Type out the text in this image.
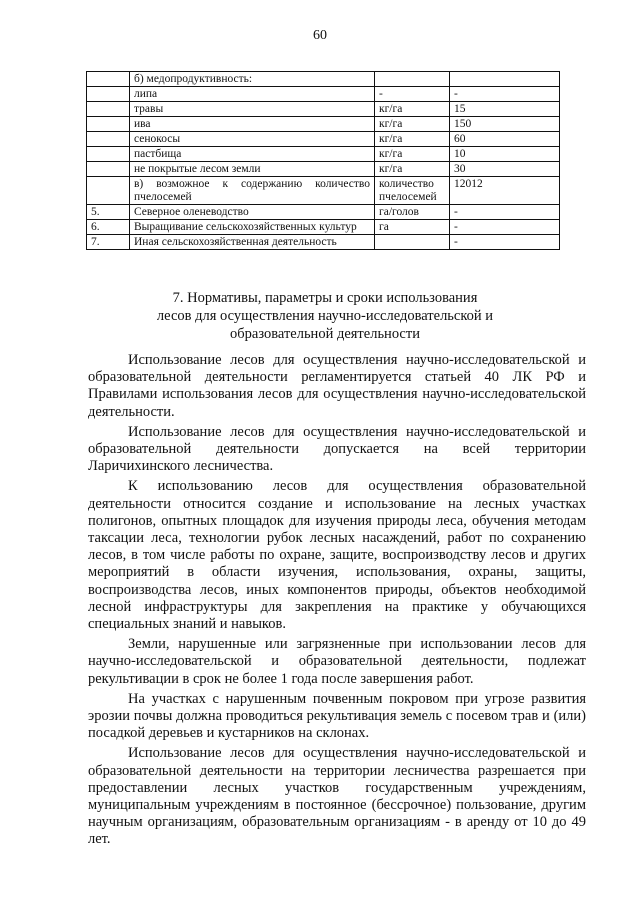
60
	б) медопродуктивность:		
	липа	-	-
	травы	кг/га	15
	ива	кг/га	150
	сенокосы	кг/га	60
	пастбища	кг/га	10
	не покрытые лесом земли	кг/га	30
	в) возможное к содержанию количество пчелосемей	количество пчелосемей	12012
5.	Северное оленеводство	га/голов	-
6.	Выращивание сельскохозяйственных культур	га	-
7.	Иная сельскохозяйственная деятельность		-
7. Нормативы, параметры и сроки использования
лесов для осуществления научно-исследовательской и
образовательной деятельности

Использование лесов для осуществления научно-исследовательской и образовательной деятельности регламентируется статьей 40 ЛК РФ и Правилами использования лесов для осуществления научно-исследовательской деятельности.

Использование лесов для осуществления научно-исследовательской и образовательной деятельности допускается на всей территории Ларичихинского лесничества.

К использованию лесов для осуществления образовательной деятельности относится создание и использование на лесных участках полигонов, опытных площадок для изучения природы леса, обучения методам таксации леса, технологии рубок лесных насаждений, работ по сохранению лесов, в том числе работы по охране, защите, воспроизводству лесов и других мероприятий в области изучения, использования, охраны, защиты, воспроизводства лесов, иных компонентов природы, объектов необходимой лесной инфраструктуры для закрепления на практике у обучающихся специальных знаний и навыков.

Земли, нарушенные или загрязненные при использовании лесов для научно-исследовательской и образовательной деятельности, подлежат рекультивации в срок не более 1 года после завершения работ.

На участках с нарушенным почвенным покровом при угрозе развития эрозии почвы должна проводиться рекультивация земель с посевом трав и (или) посадкой деревьев и кустарников на склонах.

Использование лесов для осуществления научно-исследовательской и образовательной деятельности на территории лесничества разрешается при предоставлении лесных участков государственным учреждениям, муниципальным учреждениям в постоянное (бессрочное) пользование, другим научным организациям, образовательным организациям - в аренду от 10 до 49 лет.
